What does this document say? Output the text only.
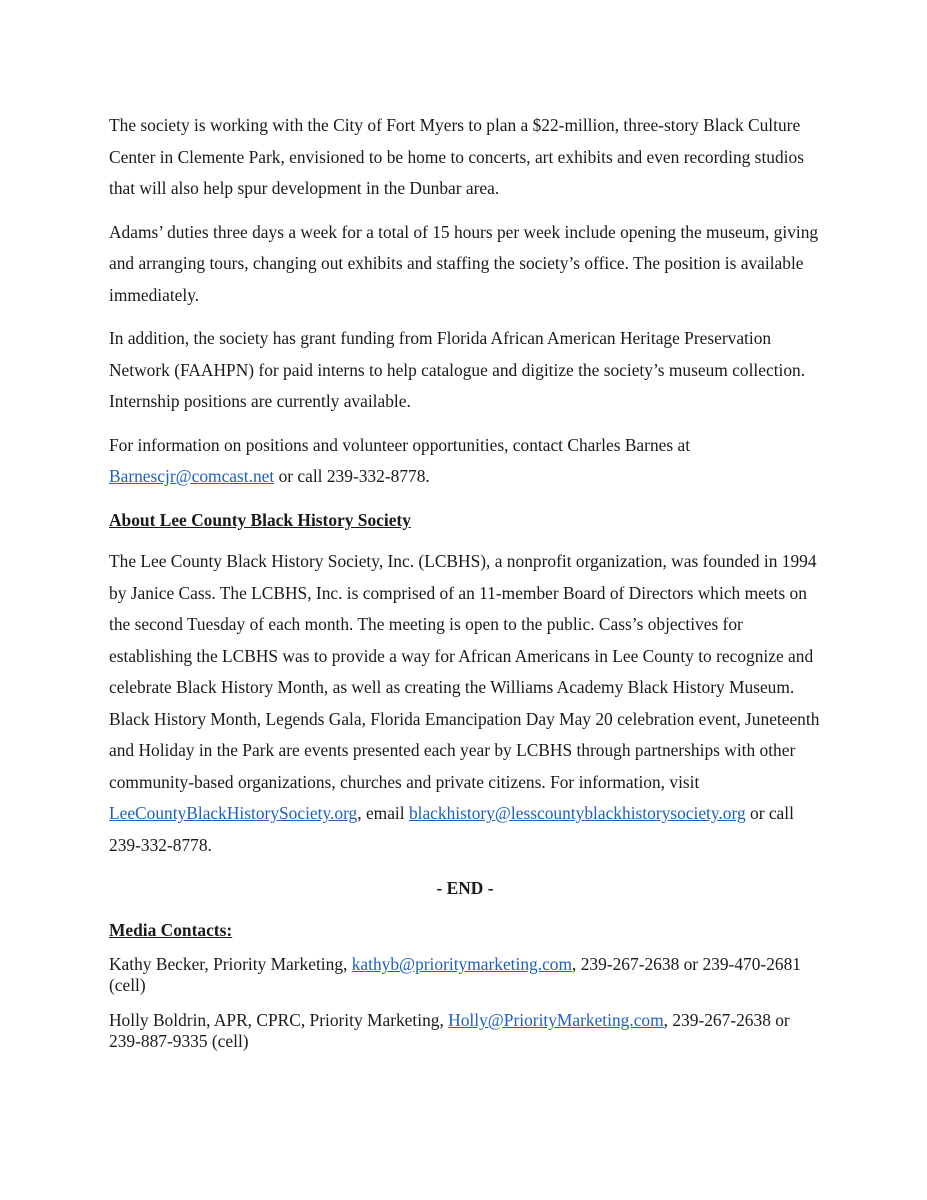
The society is working with the City of Fort Myers to plan a $22-million, three-story Black Culture Center in Clemente Park, envisioned to be home to concerts, art exhibits and even recording studios that will also help spur development in the Dunbar area.

Adams’ duties three days a week for a total of 15 hours per week include opening the museum, giving and arranging tours, changing out exhibits and staffing the society’s office. The position is available immediately.

In addition, the society has grant funding from Florida African American Heritage Preservation Network (FAAHPN) for paid interns to help catalogue and digitize the society’s museum collection. Internship positions are currently available.

For information on positions and volunteer opportunities, contact Charles Barnes at Barnescjr@comcast.net or call 239-332-8778.

About Lee County Black History Society

The Lee County Black History Society, Inc. (LCBHS), a nonprofit organization, was founded in 1994 by Janice Cass. The LCBHS, Inc. is comprised of an 11-member Board of Directors which meets on the second Tuesday of each month. The meeting is open to the public. Cass’s objectives for establishing the LCBHS was to provide a way for African Americans in Lee County to recognize and celebrate Black History Month, as well as creating the Williams Academy Black History Museum. Black History Month, Legends Gala, Florida Emancipation Day May 20 celebration event, Juneteenth and Holiday in the Park are events presented each year by LCBHS through partnerships with other community-based organizations, churches and private citizens. For information, visit LeeCountyBlackHistorySociety.org, email blackhistory@lesscountyblackhistorysociety.org or call 239-332-8778.

- END -

Media Contacts:

Kathy Becker, Priority Marketing, kathyb@prioritymarketing.com, 239-267-2638 or 239-470-2681 (cell)

Holly Boldrin, APR, CPRC, Priority Marketing, Holly@PriorityMarketing.com, 239-267-2638 or 239-887-9335 (cell)
